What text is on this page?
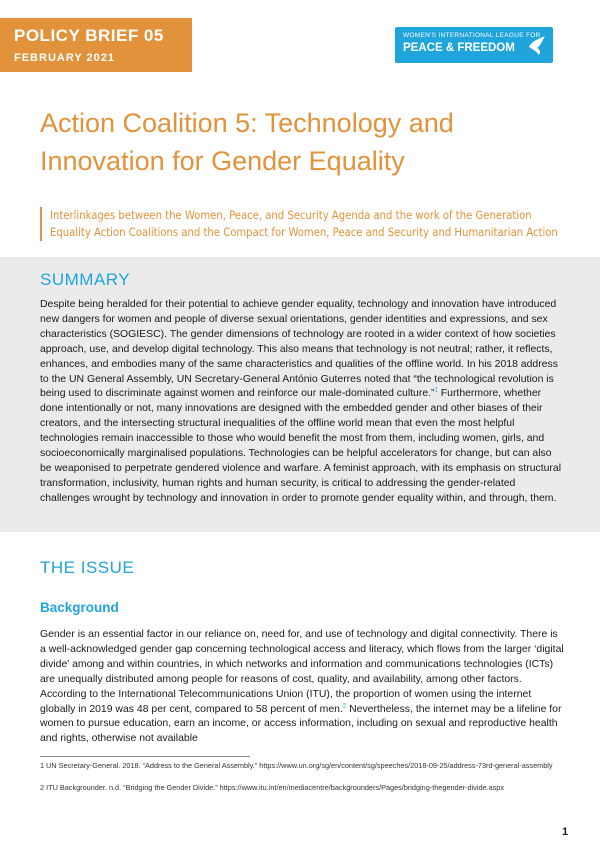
POLICY BRIEF 05
FEBRUARY 2021
WOMEN'S INTERNATIONAL LEAGUE FOR
PEACE & FREEDOM
Action Coalition 5: Technology and Innovation for Gender Equality
Interlinkages between the Women, Peace, and Security Agenda and the work of the Generation Equality Action Coalitions and the Compact for Women, Peace and Security and Humanitarian Action
SUMMARY

Despite being heralded for their potential to achieve gender equality, technology and innovation have introduced new dangers for women and people of diverse sexual orientations, gender identities and expressions, and sex characteristics (SOGIESC). The gender dimensions of technology are rooted in a wider context of how societies approach, use, and develop digital technology. This also means that technology is not neutral; rather, it reflects, enhances, and embodies many of the same characteristics and qualities of the offline world. In his 2018 address to the UN General Assembly, UN Secretary-General António Guterres noted that “the technological revolution is being used to discriminate against women and reinforce our male-dominated culture.”$^1$ Furthermore, whether done intentionally or not, many innovations are designed with the embedded gender and other biases of their creators, and the intersecting structural inequalities of the offline world mean that even the most helpful technologies remain inaccessible to those who would benefit the most from them, including women, girls, and socioeconomically marginalised populations. Technologies can be helpful accelerators for change, but can also be weaponised to perpetrate gendered violence and warfare. A feminist approach, with its emphasis on structural transformation, inclusivity, human rights and human security, is critical to addressing the gender-related challenges wrought by technology and innovation in order to promote gender equality within, and through, them.

THE ISSUE
Background

Gender is an essential factor in our reliance on, need for, and use of technology and digital connectivity. There is a well-acknowledged gender gap concerning technological access and literacy, which flows from the larger ‘digital divide’ among and within countries, in which networks and information and communications technologies (ICTs) are unequally distributed among people for reasons of cost, quality, and availability, among other factors. According to the International Telecommunications Union (ITU), the proportion of women using the internet globally in 2019 was 48 per cent, compared to 58 percent of men.$^2$ Nevertheless, the internet may be a lifeline for women to pursue education, earn an income, or access information, including on sexual and reproductive health and rights, otherwise not available

1 UN Secretary-General. 2018. “Address to the General Assembly.” https://www.un.org/sg/en/content/sg/speeches/2018-09-25/address-73rd-general-assembly

2 ITU Backgrounder. n.d. “Bridging the Gender Divide.” https://www.itu.int/en/mediacentre/backgrounders/Pages/bridging-thegender-divide.aspx

1
